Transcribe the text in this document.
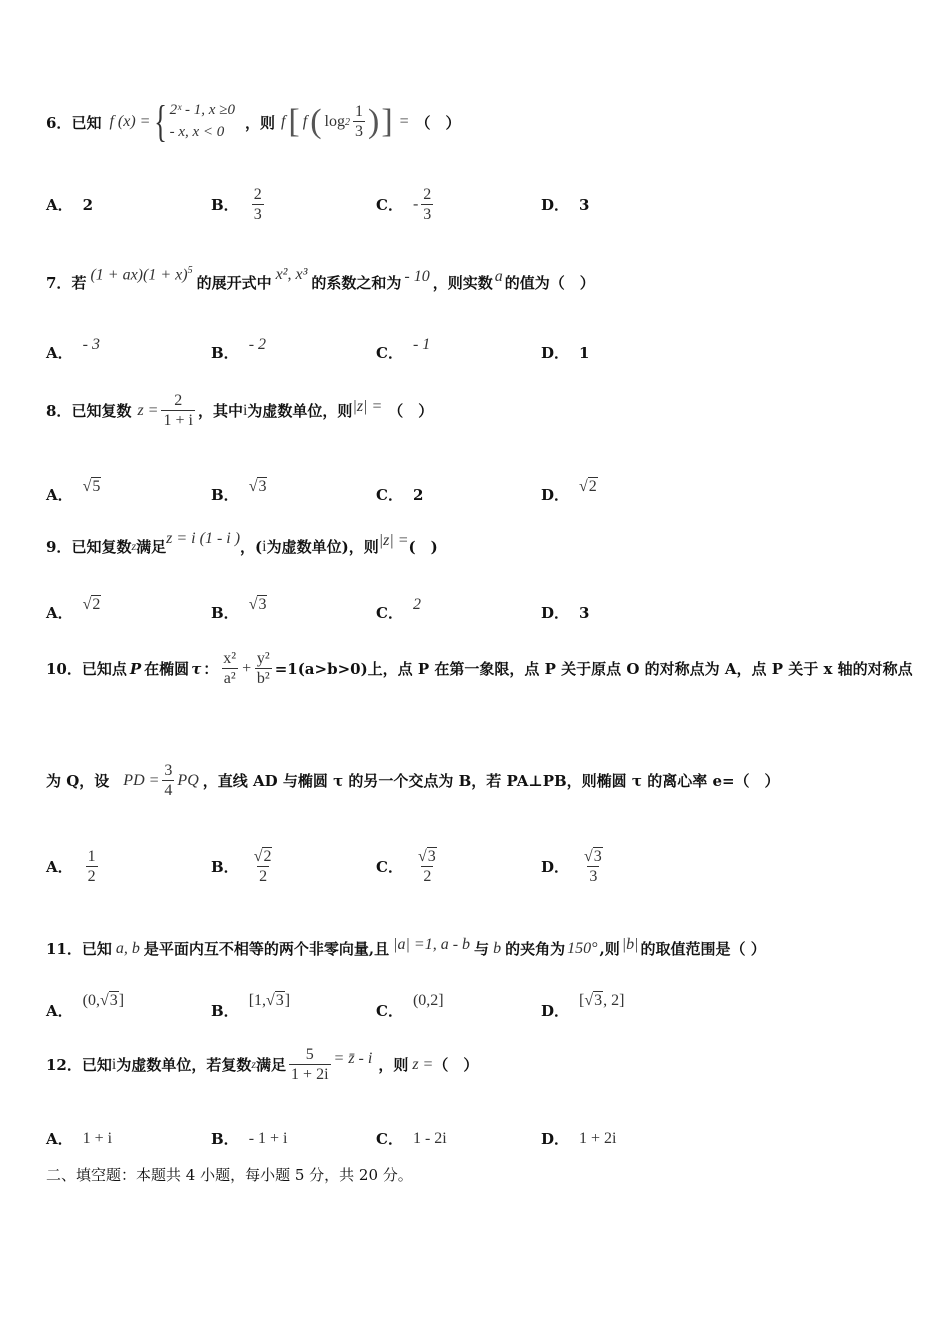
6． 已知 f (x) = { 2ˣ - 1, x ≥0
- x, x < 0
，则 f [ f ( $\log 2 \frac{1}{3}$ ) ] = （　）
A． 2	B． $\frac{2}{3}$	C． - $\frac{2}{3}$	D． 3
7． 若 $(1 + ax)(1 + x)^5$
的展开式中 x², x³ 的系数之和为 - 10 ，则实数 a 的值为（　）
A． - 3	B． - 2	C． - 1	D． 1
8． 已知复数 $z = \frac{2}{1 + i}$ ，其中 i 为虚数单位，则 |z| = （　）
A． √5	B． √3	C． 2	D． √2
9． 已知复数 z 满足 z = i (1 - i ) ，( i 为虚数单位)，则 |z| = (　)
A． √2	B． √3	C． 2	D． 3
10． 已知点 P 在椭圆 τ ： $\frac{\text{x²}}{\text{a²}} + \frac{\text{y²}}{\text{b²}} =1(a>b>0)$ 上，点 P 在第一象限，点 P 关于原点 O 的对称点为 A，点 P 关于 x 轴的对称点
为 Q，设 PD = $\frac{3}{4}$ PQ ，直线 AD 与椭圆 τ 的另一个交点为 B，若 PA⊥PB，则椭圆 τ 的离心率 e=（　）
A． $\frac{1}{2}$	B． $\frac{√2}{2}$	C． $\frac{√3}{2}$	D． $\frac{√3}{3}$
11． 已知 a, b 是平面内互不相等的两个非零向量,且 |a| =1, a - b 与 b 的夹角为 150° ,则 |b| 的取值范围是（ ）
A．
(0,√3]
B．
[1,√3]
C．
(0,2]
D．
[√3, 2]
12． 已知 i 为虚数单位，若复数 z 满足 $\frac{5}{1 + 2i}$ = z̄ - i ，则 z = （　）
A． 1 + i	B． - 1 + i	C． 1 - 2i	D． 1 + 2i
二、填空题：本题共 4 小题，每小题 5 分，共 20 分。
